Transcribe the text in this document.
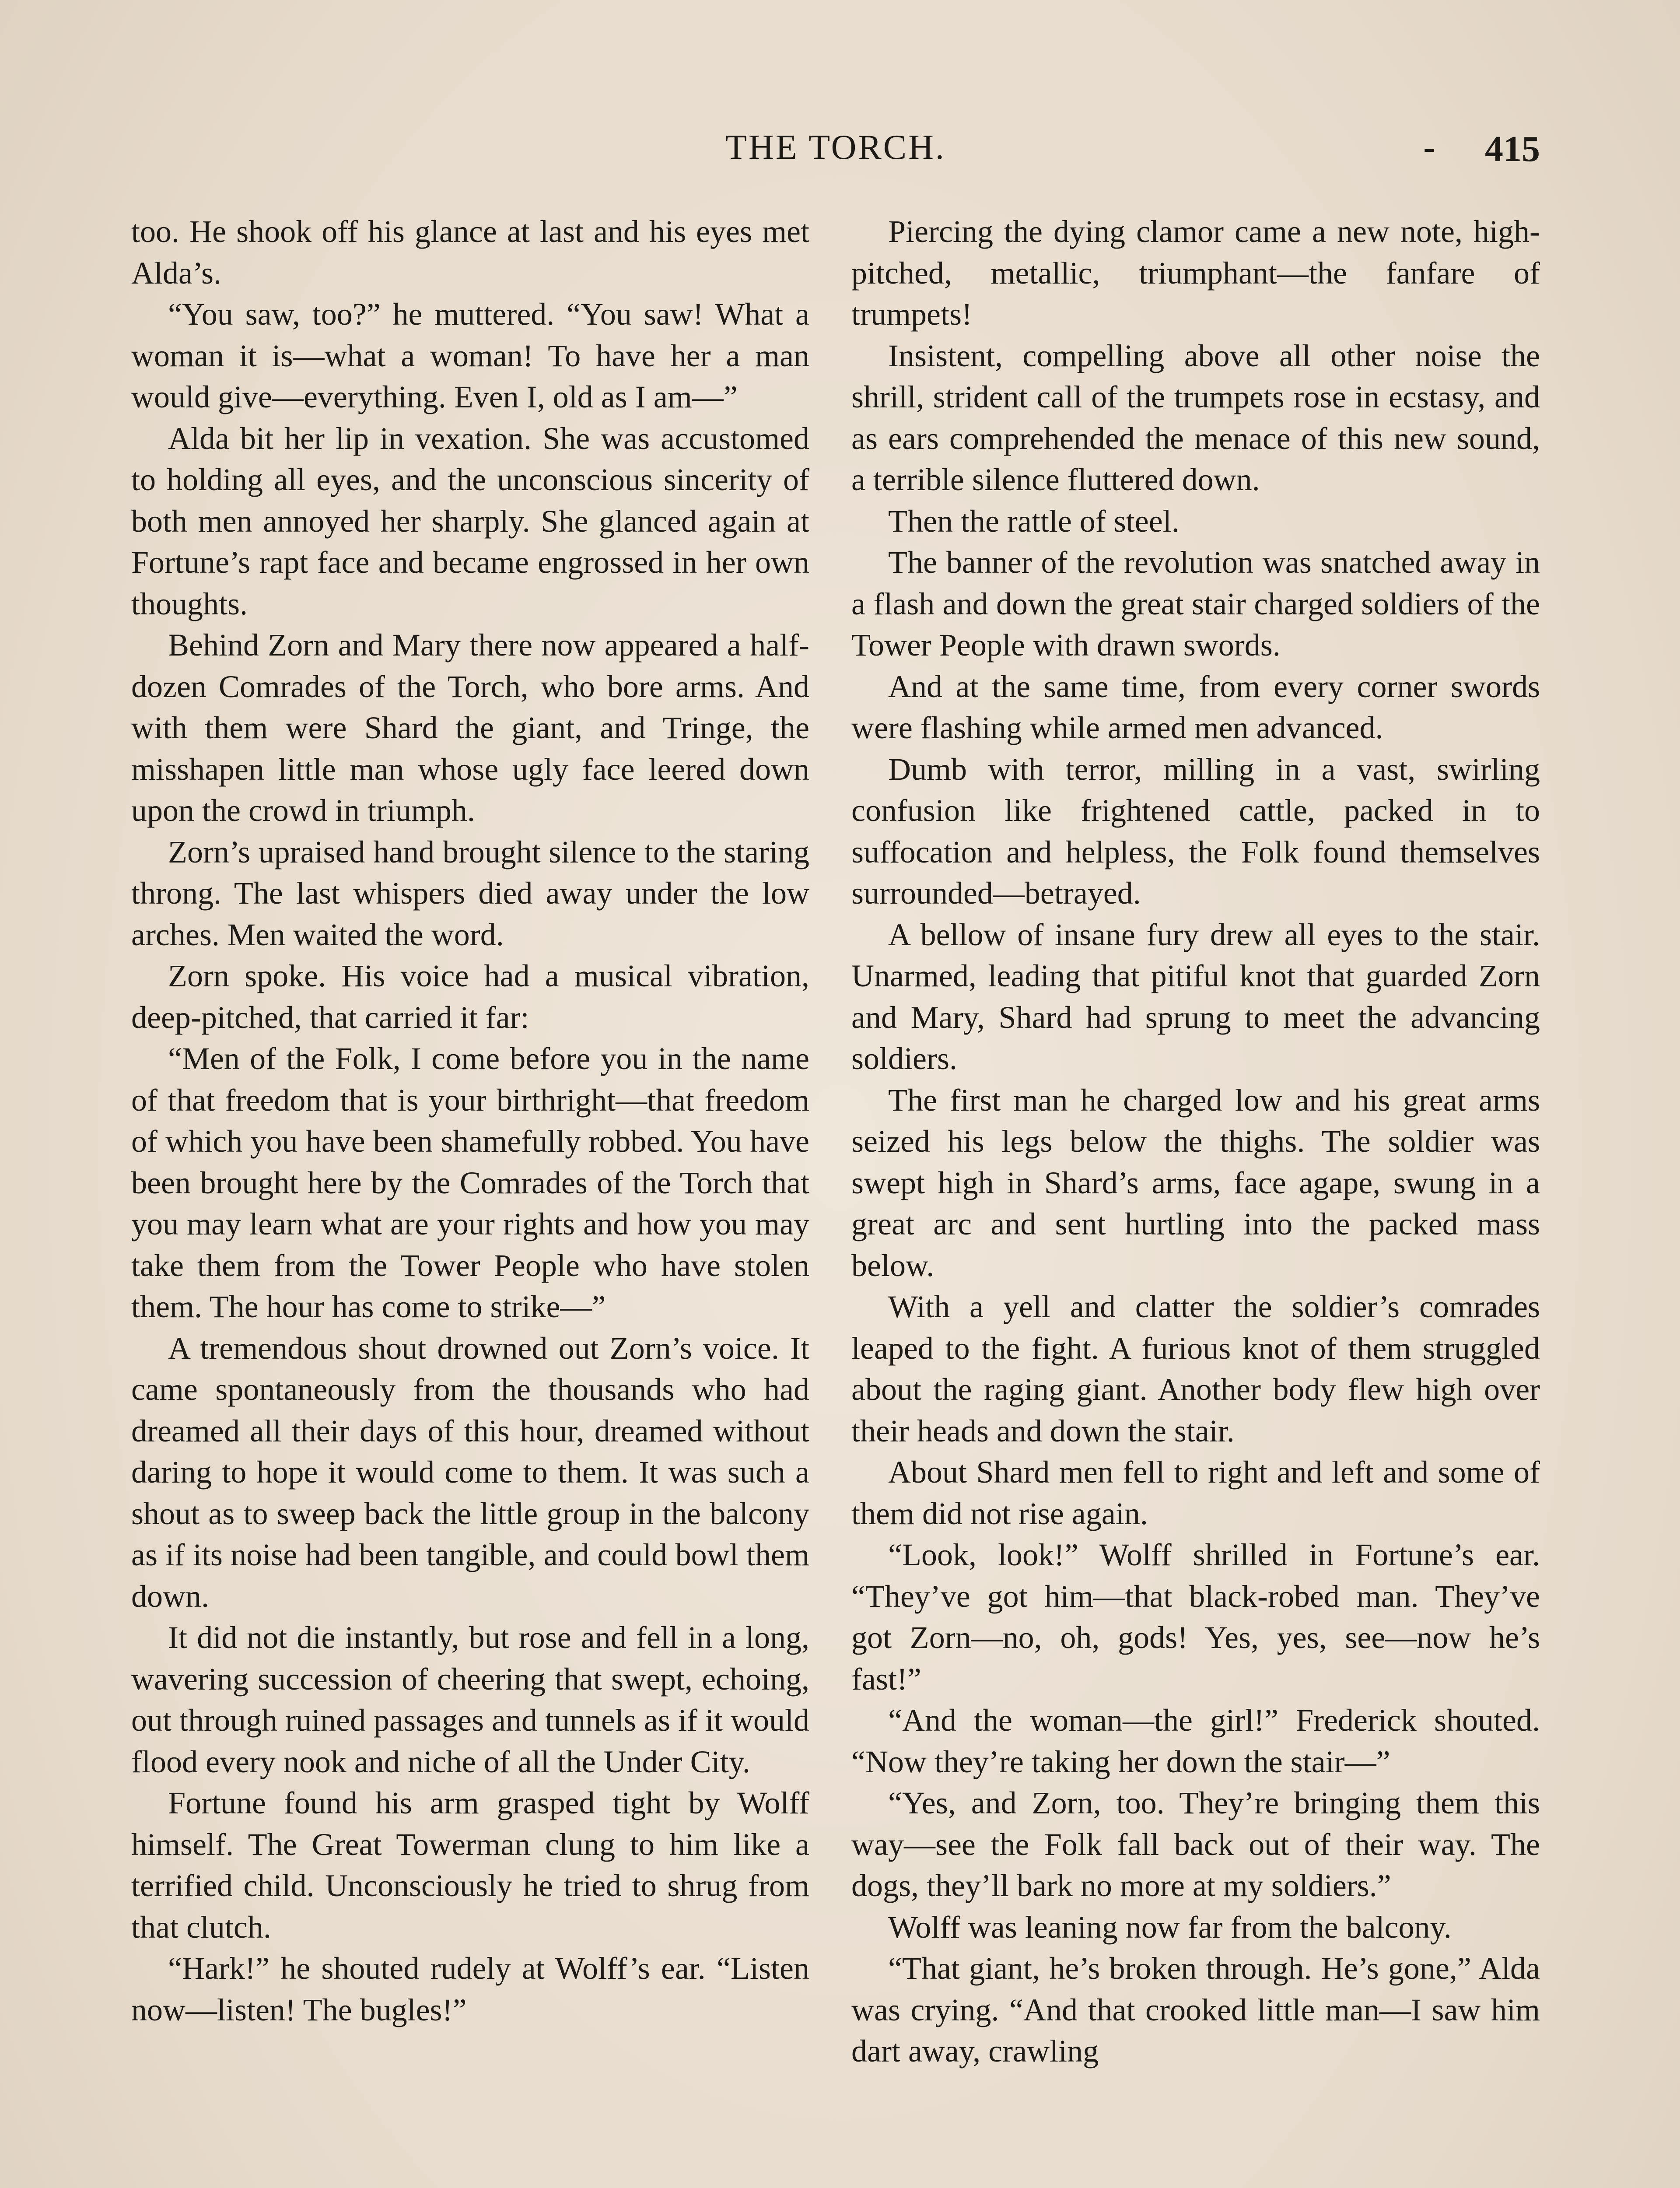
THE TORCH.	- 415

too. He shook off his glance at last and his eyes met Alda’s.

“You saw, too?” he muttered. “You saw! What a woman it is—what a woman! To have her a man would give—everything. Even I, old as I am—”

Alda bit her lip in vexation. She was accustomed to holding all eyes, and the unconscious sincerity of both men annoyed her sharply. She glanced again at Fortune’s rapt face and became engrossed in her own thoughts.

Behind Zorn and Mary there now appeared a half-dozen Comrades of the Torch, who bore arms. And with them were Shard the giant, and Tringe, the misshapen little man whose ugly face leered down upon the crowd in triumph.

Zorn’s upraised hand brought silence to the staring throng. The last whispers died away under the low arches. Men waited the word.

Zorn spoke. His voice had a musical vibration, deep-pitched, that carried it far:

“Men of the Folk, I come before you in the name of that freedom that is your birthright—that freedom of which you have been shamefully robbed. You have been brought here by the Comrades of the Torch that you may learn what are your rights and how you may take them from the Tower People who have stolen them. The hour has come to strike—”

A tremendous shout drowned out Zorn’s voice. It came spontaneously from the thousands who had dreamed all their days of this hour, dreamed without daring to hope it would come to them. It was such a shout as to sweep back the little group in the balcony as if its noise had been tangible, and could bowl them down.

It did not die instantly, but rose and fell in a long, wavering succession of cheering that swept, echoing, out through ruined passages and tunnels as if it would flood every nook and niche of all the Under City.

Fortune found his arm grasped tight by Wolff himself. The Great Towerman clung to him like a terrified child. Unconsciously he tried to shrug from that clutch.

“Hark!” he shouted rudely at Wolff’s ear. “Listen now—listen! The bugles!”

Piercing the dying clamor came a new note, high-pitched, metallic, triumphant—the fanfare of trumpets!

Insistent, compelling above all other noise the shrill, strident call of the trumpets rose in ecstasy, and as ears comprehended the menace of this new sound, a terrible silence fluttered down.

Then the rattle of steel.

The banner of the revolution was snatched away in a flash and down the great stair charged soldiers of the Tower People with drawn swords.

And at the same time, from every corner swords were flashing while armed men advanced.

Dumb with terror, milling in a vast, swirling confusion like frightened cattle, packed in to suffocation and helpless, the Folk found themselves surrounded—betrayed.

A bellow of insane fury drew all eyes to the stair. Unarmed, leading that pitiful knot that guarded Zorn and Mary, Shard had sprung to meet the advancing soldiers.

The first man he charged low and his great arms seized his legs below the thighs. The soldier was swept high in Shard’s arms, face agape, swung in a great arc and sent hurtling into the packed mass below.

With a yell and clatter the soldier’s comrades leaped to the fight. A furious knot of them struggled about the raging giant. Another body flew high over their heads and down the stair.

About Shard men fell to right and left and some of them did not rise again.

“Look, look!” Wolff shrilled in Fortune’s ear. “They’ve got him—that black-robed man. They’ve got Zorn—no, oh, gods! Yes, yes, see—now he’s fast!”

“And the woman—the girl!” Frederick shouted. “Now they’re taking her down the stair—”

“Yes, and Zorn, too. They’re bringing them this way—see the Folk fall back out of their way. The dogs, they’ll bark no more at my soldiers.”

Wolff was leaning now far from the balcony.

“That giant, he’s broken through. He’s gone,” Alda was crying. “And that crooked little man—I saw him dart away, crawling
